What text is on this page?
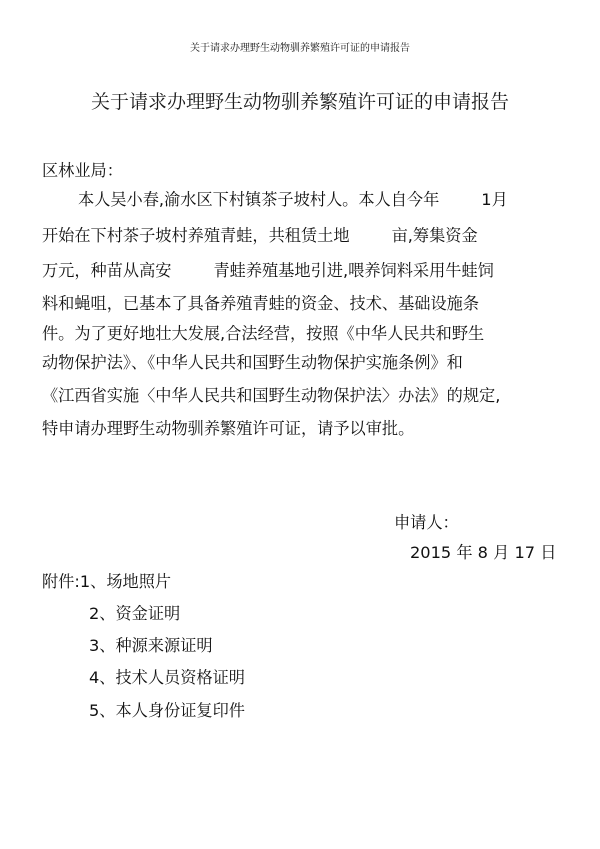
关于请求办理野生动物驯养繁殖许可证的申请报告
关于请求办理野生动物驯养繁殖许可证的申请报告

区林业局：

本人吴小春,渝水区下村镇茶子坡村人。本人自今年	1月

开始在下村茶子坡村养殖青蛙，共租赁土地	亩,筹集资金

万元，种苗从高安	青蛙养殖基地引进,喂养饲料采用牛蛙饲

料和蝇咀，已基本了具备养殖青蛙的资金、技术、基础设施条

件。为了更好地壮大发展,合法经营，按照《中华人民共和野生

动物保护法》、《中华人民共和国野生动物保护实施条例》和

《江西省实施〈中华人民共和国野生动物保护法〉办法》的规定,

特申请办理野生动物驯养繁殖许可证，请予以审批。

申请人：

2015 年 8 月 17 日

附件:1、场地照片

2、资金证明

3、种源来源证明

4、技术人员资格证明

5、本人身份证复印件
